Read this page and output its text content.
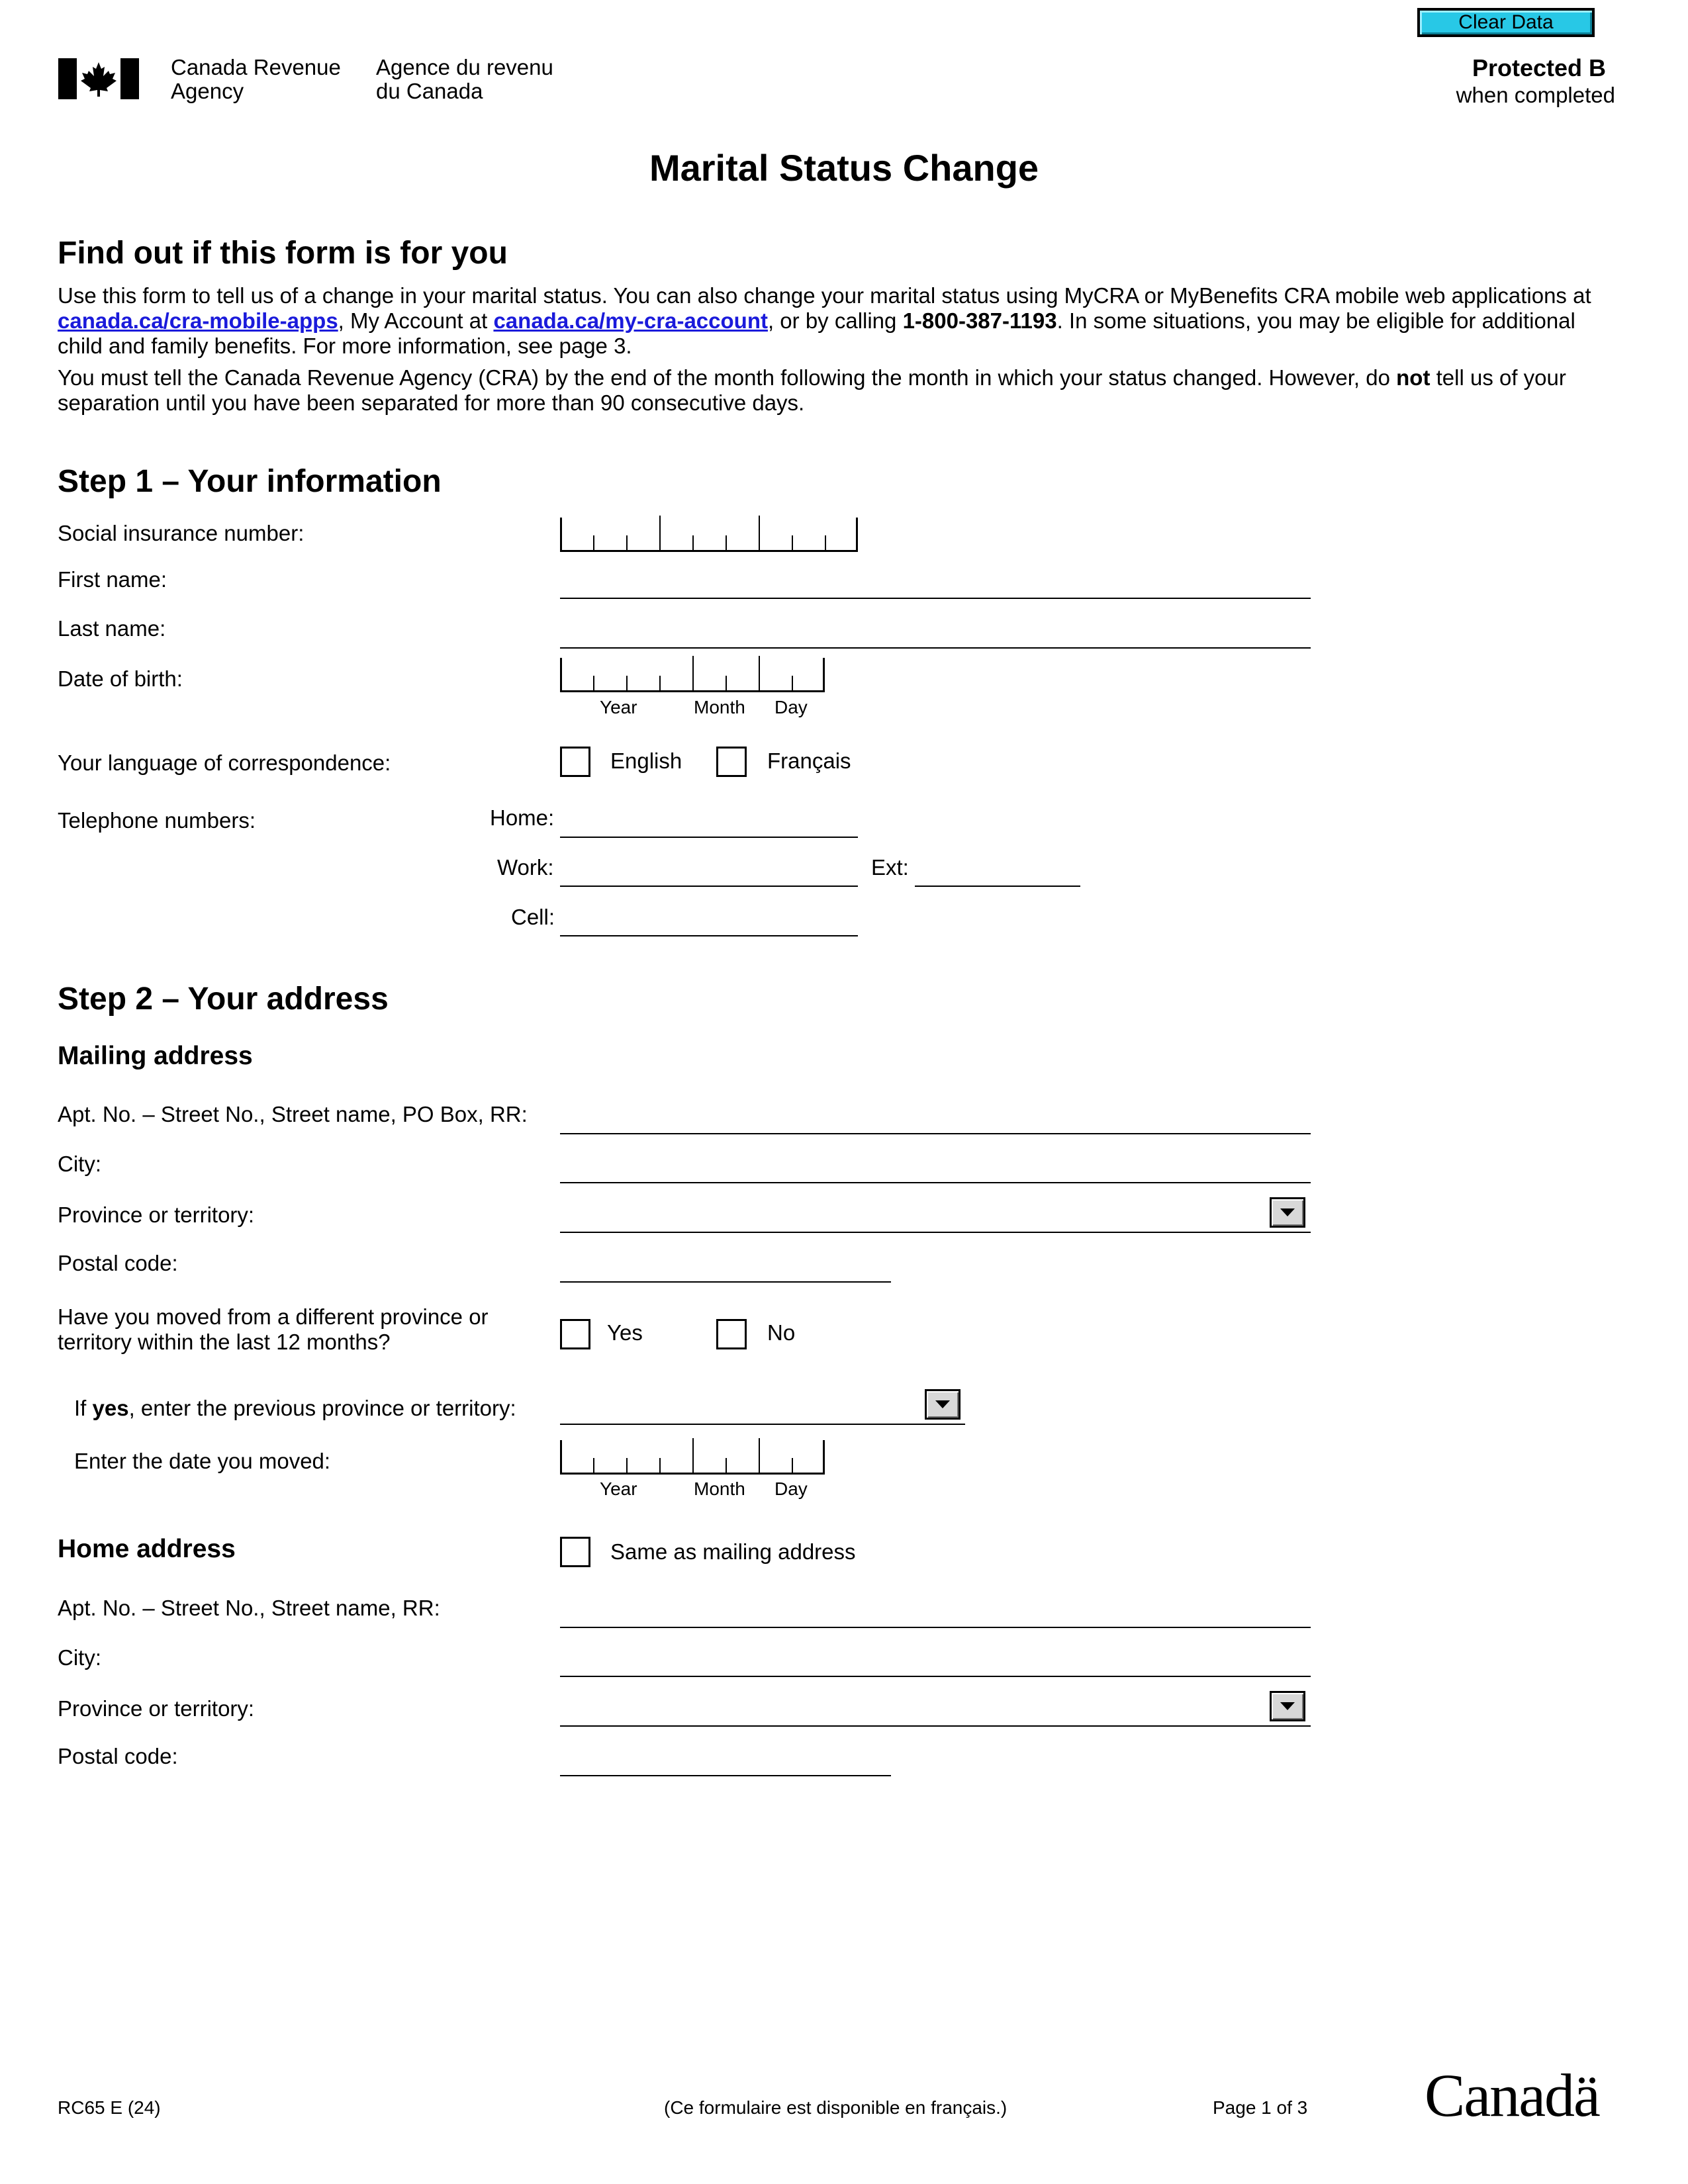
Clear Data
Canada Revenue
Agency
Agence du revenu
du Canada
Protected B
when completed
Marital Status Change
Find out if this form is for you
Use this form to tell us of a change in your marital status. You can also change your marital status using MyCRA or MyBenefits CRA mobile web applications at canada.ca/cra-mobile-apps, My Account at canada.ca/my-cra-account, or by calling 1-800-387-1193. In some situations, you may be eligible for additional child and family benefits. For more information, see page 3.
You must tell the Canada Revenue Agency (CRA) by the end of the month following the month in which your status changed. However, do not tell us of your separation until you have been separated for more than 90 consecutive days.
Step 1 – Your information
Social insurance number:
First name:
Last name:
Date of birth:
Year	Month Day
Your language of correspondence:	English	Français
Telephone numbers:	Home:
Work:	Ext:
Cell:
Step 2 – Your address
Mailing address
Apt. No. – Street No., Street name, PO Box, RR:
City:
Province or territory:
Postal code:
Have you moved from a different province or
territory within the last 12 months?	Yes	No
If yes, enter the previous province or territory:
Enter the date you moved:
Year	Month Day
Home address	Same as mailing address
Apt. No. – Street No., Street name, RR:
City:
Province or territory:
Postal code:
RC65 E (24)	(Ce formulaire est disponible en français.)	Page 1 of 3 Canadä
